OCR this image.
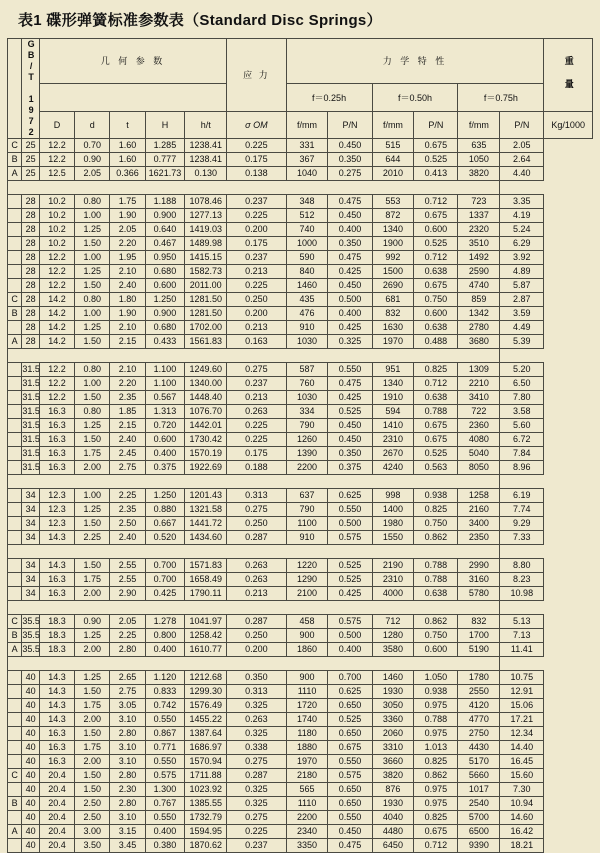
表1 碟形弹簧标准参数表（Standard Disc Springs）

	GB/T 1972	几 何 参 数					应 力	力 学 特 性						重 量
								f＝0.25h		f＝0.50h		f＝0.75h		
		D	d	t	H	h/t	σ OM	f/mm	P/N	f/mm	P/N	f/mm	P/N	Kg/1000
C	25	12.2	0.70	1.60	1.285	1238.41	0.225	331	0.450	515	0.675	635	2.05	
B	25	12.2	0.90	1.60	0.777	1238.41	0.175	367	0.350	644	0.525	1050	2.64	
A	25	12.5	2.05	0.366	1621.73	0.130	0.138	1040	0.275	2010	0.413	3820	4.40	

	28	10.2	0.80	1.75	1.188	1078.46	0.237	348	0.475	553	0.712	723	3.35	
	28	10.2	1.00	1.90	0.900	1277.13	0.225	512	0.450	872	0.675	1337	4.19	
	28	10.2	1.25	2.05	0.640	1419.03	0.200	740	0.400	1340	0.600	2320	5.24	
	28	10.2	1.50	2.20	0.467	1489.98	0.175	1000	0.350	1900	0.525	3510	6.29	
	28	12.2	1.00	1.95	0.950	1415.15	0.237	590	0.475	992	0.712	1492	3.92	
	28	12.2	1.25	2.10	0.680	1582.73	0.213	840	0.425	1500	0.638	2590	4.89	
	28	12.2	1.50	2.40	0.600	2011.00	0.225	1460	0.450	2690	0.675	4740	5.87	
C	28	14.2	0.80	1.80	1.250	1281.50	0.250	435	0.500	681	0.750	859	2.87	
B	28	14.2	1.00	1.90	0.900	1281.50	0.200	476	0.400	832	0.600	1342	3.59	
	28	14.2	1.25	2.10	0.680	1702.00	0.213	910	0.425	1630	0.638	2780	4.49	
A	28	14.2	1.50	2.15	0.433	1561.83	0.163	1030	0.325	1970	0.488	3680	5.39	

	31.5	12.2	0.80	2.10	1.100	1249.60	0.275	587	0.550	951	0.825	1309	5.20	
	31.5	12.2	1.00	2.20	1.100	1340.00	0.237	760	0.475	1340	0.712	2210	6.50	
	31.5	12.2	1.50	2.35	0.567	1448.40	0.213	1030	0.425	1910	0.638	3410	7.80	
	31.5	16.3	0.80	1.85	1.313	1076.70	0.263	334	0.525	594	0.788	722	3.58	
	31.5	16.3	1.25	2.15	0.720	1442.01	0.225	790	0.450	1410	0.675	2360	5.60	
	31.5	16.3	1.50	2.40	0.600	1730.42	0.225	1260	0.450	2310	0.675	4080	6.72	
	31.5	16.3	1.75	2.45	0.400	1570.19	0.175	1390	0.350	2670	0.525	5040	7.84	
	31.5	16.3	2.00	2.75	0.375	1922.69	0.188	2200	0.375	4240	0.563	8050	8.96	

	34	12.3	1.00	2.25	1.250	1201.43	0.313	637	0.625	998	0.938	1258	6.19	
	34	12.3	1.25	2.35	0.880	1321.58	0.275	790	0.550	1400	0.825	2160	7.74	
	34	12.3	1.50	2.50	0.667	1441.72	0.250	1100	0.500	1980	0.750	3400	9.29	
	34	14.3	2.25	2.40	0.520	1434.60	0.287	910	0.575	1550	0.862	2350	7.33	

	34	14.3	1.50	2.55	0.700	1571.83	0.263	1220	0.525	2190	0.788	2990	8.80	
	34	16.3	1.75	2.55	0.700	1658.49	0.263	1290	0.525	2310	0.788	3160	8.23	
	34	16.3	2.00	2.90	0.425	1790.11	0.213	2100	0.425	4000	0.638	5780	10.98	

C	35.5	18.3	0.90	2.05	1.278	1041.97	0.287	458	0.575	712	0.862	832	5.13	
B	35.5	18.3	1.25	2.25	0.800	1258.42	0.250	900	0.500	1280	0.750	1700	7.13	
A	35.5	18.3	2.00	2.80	0.400	1610.77	0.200	1860	0.400	3580	0.600	5190	11.41	

	40	14.3	1.25	2.65	1.120	1212.68	0.350	900	0.700	1460	1.050	1780	10.75	
	40	14.3	1.50	2.75	0.833	1299.30	0.313	1110	0.625	1930	0.938	2550	12.91	
	40	14.3	1.75	3.05	0.742	1576.49	0.325	1720	0.650	3050	0.975	4120	15.06	
	40	14.3	2.00	3.10	0.550	1455.22	0.263	1740	0.525	3360	0.788	4770	17.21	
	40	16.3	1.50	2.80	0.867	1387.64	0.325	1180	0.650	2060	0.975	2750	12.34	
	40	16.3	1.75	3.10	0.771	1686.97	0.338	1880	0.675	3310	1.013	4430	14.40	
	40	16.3	2.00	3.10	0.550	1570.94	0.275	1970	0.550	3660	0.825	5170	16.45	
C	40	20.4	1.50	2.80	0.575	1711.88	0.287	2180	0.575	3820	0.862	5660	15.60	
	40	20.4	1.50	2.30	1.300	1023.92	0.325	565	0.650	876	0.975	1017	7.30	
B	40	20.4	2.50	2.80	0.767	1385.55	0.325	1110	0.650	1930	0.975	2540	10.94	
	40	20.4	2.50	3.10	0.550	1732.79	0.275	2200	0.550	4040	0.825	5700	14.60	
A	40	20.4	3.00	3.15	0.400	1594.95	0.225	2340	0.450	4480	0.675	6500	16.42	
	40	20.4	3.50	3.45	0.380	1870.62	0.237	3350	0.475	6450	0.712	9390	18.21	
